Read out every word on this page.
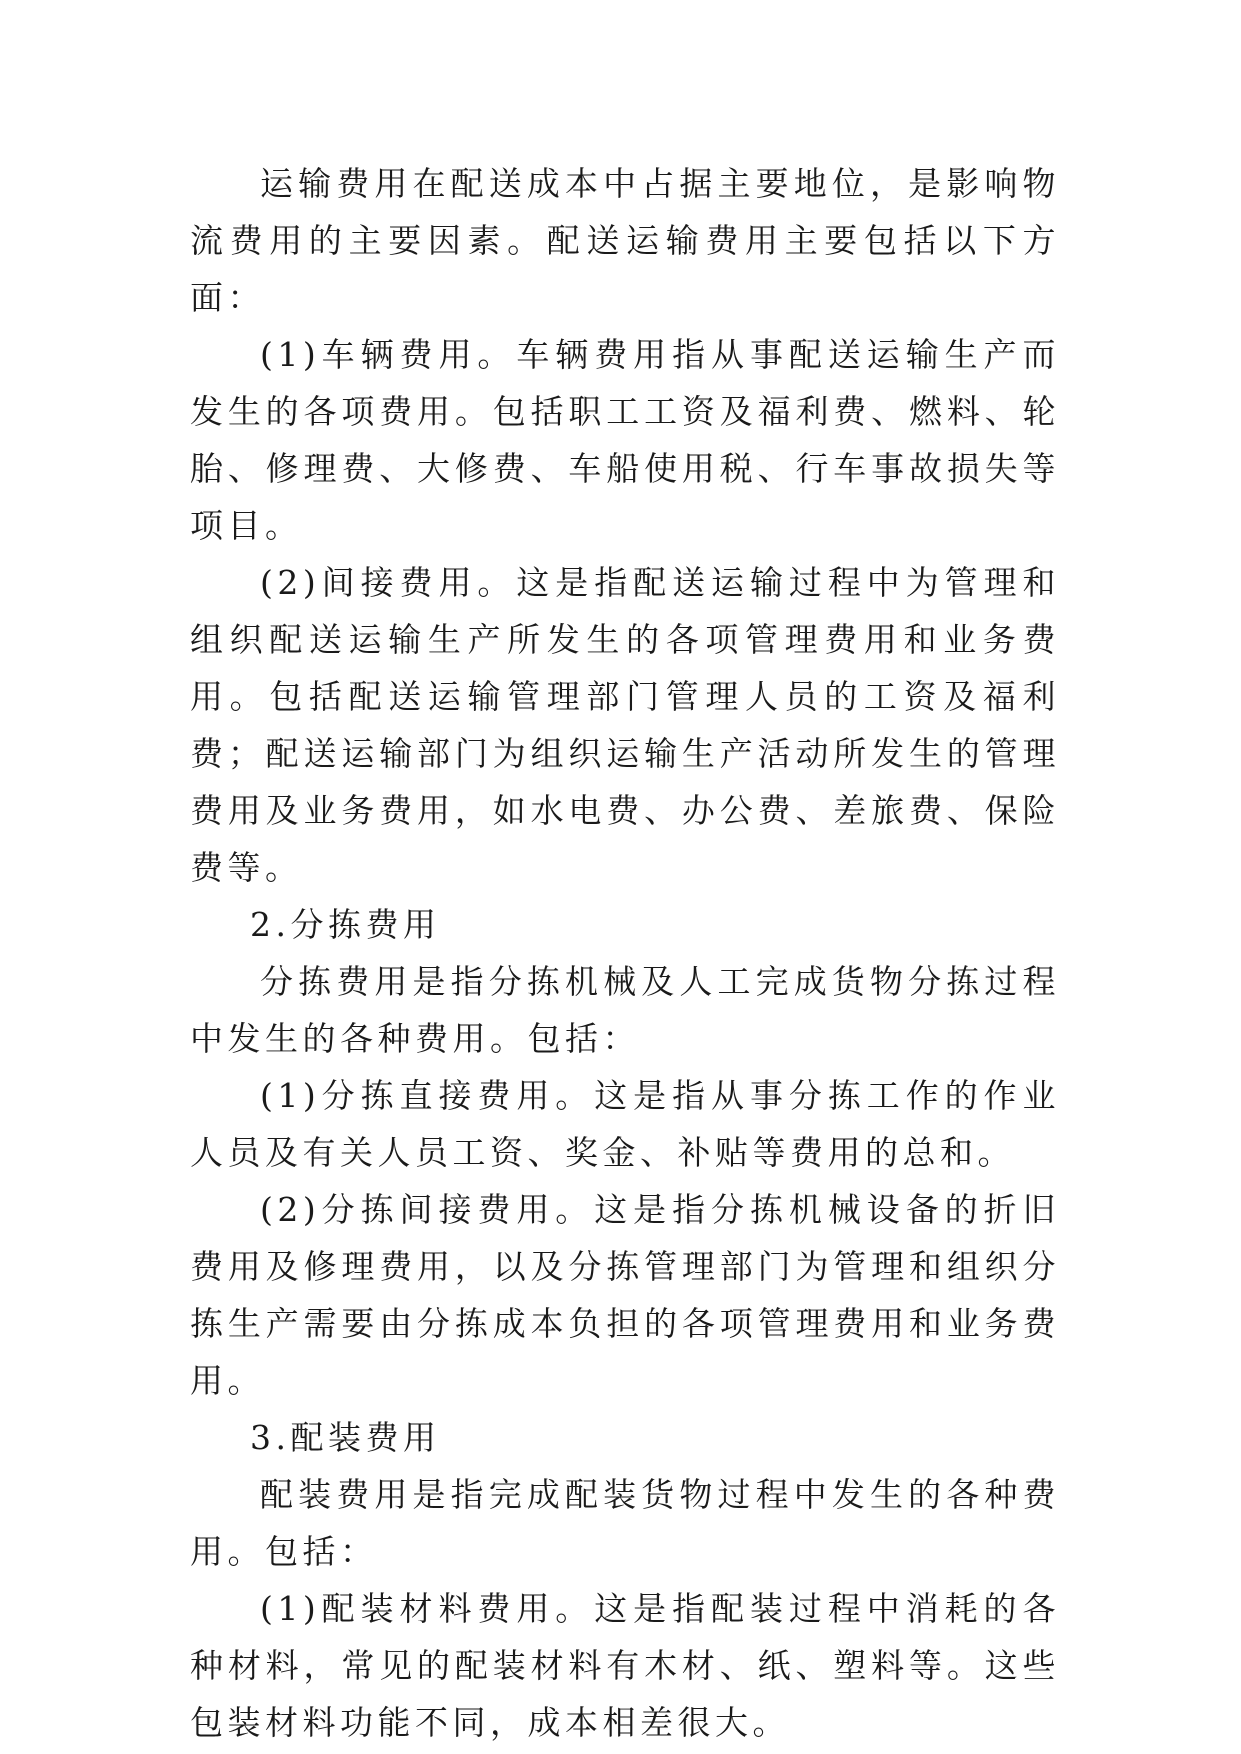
运输费用在配送成本中占据主要地位，是影响物流费用的主要因素。配送运输费用主要包括以下方面：

(1)车辆费用。车辆费用指从事配送运输生产而发生的各项费用。包括职工工资及福利费、燃料、轮胎、修理费、大修费、车船使用税、行车事故损失等项目。

(2)间接费用。这是指配送运输过程中为管理和组织配送运输生产所发生的各项管理费用和业务费用。包括配送运输管理部门管理人员的工资及福利费；配送运输部门为组织运输生产活动所发生的管理费用及业务费用，如水电费、办公费、差旅费、保险费等。

2.分拣费用

分拣费用是指分拣机械及人工完成货物分拣过程中发生的各种费用。包括：

(1)分拣直接费用。这是指从事分拣工作的作业人员及有关人员工资、奖金、补贴等费用的总和。

(2)分拣间接费用。这是指分拣机械设备的折旧费用及修理费用，以及分拣管理部门为管理和组织分拣生产需要由分拣成本负担的各项管理费用和业务费用。

3.配装费用

配装费用是指完成配装货物过程中发生的各种费用。包括：

(1)配装材料费用。这是指配装过程中消耗的各种材料，常见的配装材料有木材、纸、塑料等。这些包装材料功能不同，成本相差很大。
